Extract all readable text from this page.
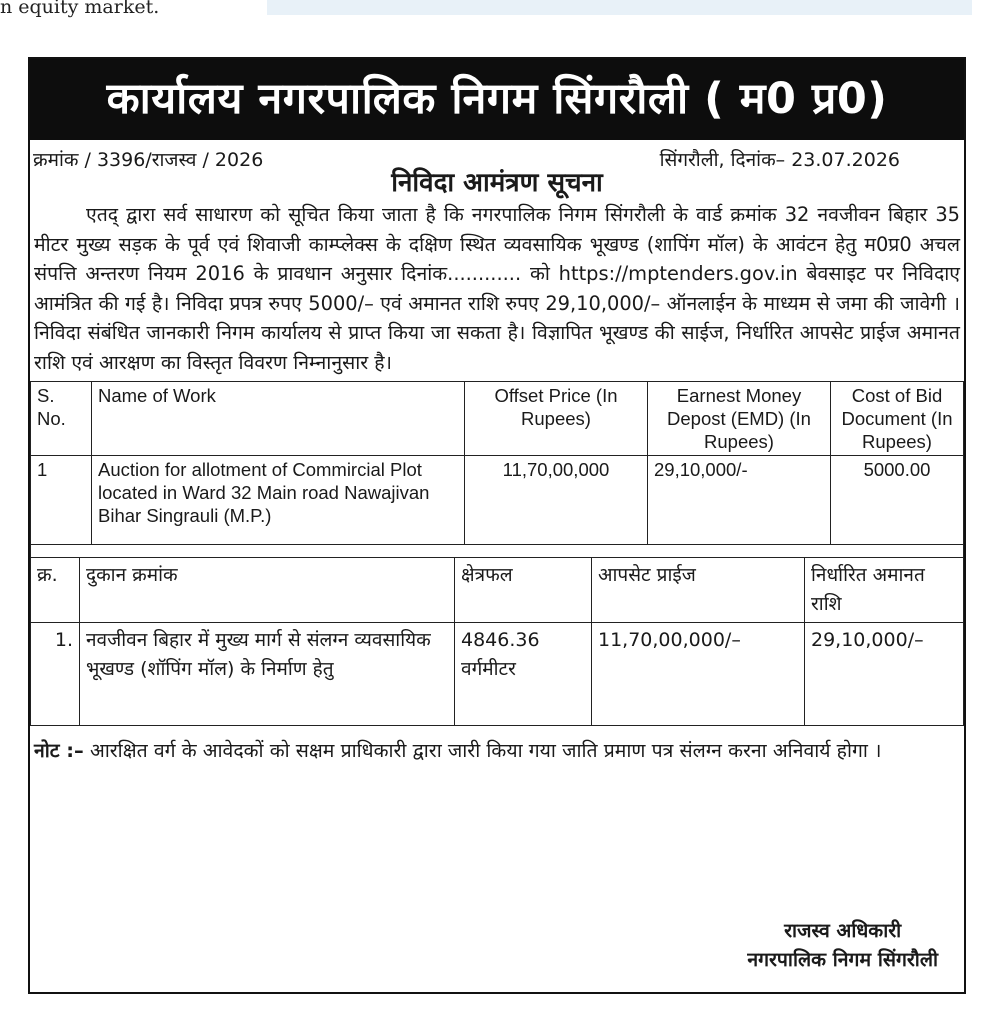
n equity market.
कार्यालय नगरपालिक निगम सिंगरौली ( म0 प्र0)
क्रमांक / 3396/राजस्व / 2026	सिंगरौली, दिनांक– 23.07.2026
निविदा आमंत्रण सूचना
एतद् द्वारा सर्व साधारण को सूचित किया जाता है कि नगरपालिक निगम सिंगरौली के वार्ड क्रमांक 32 नवजीवन बिहार 35 मीटर मुख्य सड़क के पूर्व एवं शिवाजी काम्प्लेक्स के दक्षिण स्थित व्यवसायिक भूखण्ड (शापिंग मॉल) के आवंटन हेतु म0प्र0 अचल संपत्ति अन्तरण नियम 2016 के प्रावधान अनुसार दिनांक............ को https://mptenders.gov.in बेवसाइट पर निविदाए आमंत्रित की गई है। निविदा प्रपत्र रुपए 5000/– एवं अमानत राशि रुपए 29,10,000/– ऑनलाईन के माध्यम से जमा की जावेगी । निविदा संबंधित जानकारी निगम कार्यालय से प्राप्त किया जा सकता है। विज्ञापित भूखण्ड की साईज, निर्धारित आपसेट प्राईज अमानत राशि एवं आरक्षण का विस्तृत विवरण निम्नानुसार है।
S. No.	Name of Work	Offset Price (In Rupees)	Earnest Money Depost (EMD) (In Rupees)	Cost of Bid Document (In Rupees)
1	Auction for allotment of Commircial Plot located in Ward 32 Main road Nawajivan Bihar Singrauli (M.P.)	11,70,00,000	29,10,000/-	5000.00
क्र.	दुकान क्रमांक	क्षेत्रफल	आपसेट प्राईज	निर्धारित अमानत राशि
1.	नवजीवन बिहार में मुख्य मार्ग से संलग्न व्यवसायिक भूखण्ड (शॉपिंग मॉल) के निर्माण हेतु	4846.36 वर्गमीटर	11,70,00,000/–	29,10,000/–
नोट :– आरक्षित वर्ग के आवेदकों को सक्षम प्राधिकारी द्वारा जारी किया गया जाति प्रमाण पत्र संलग्न करना अनिवार्य होगा ।
राजस्व अधिकारी
नगरपालिक निगम सिंगरौली
